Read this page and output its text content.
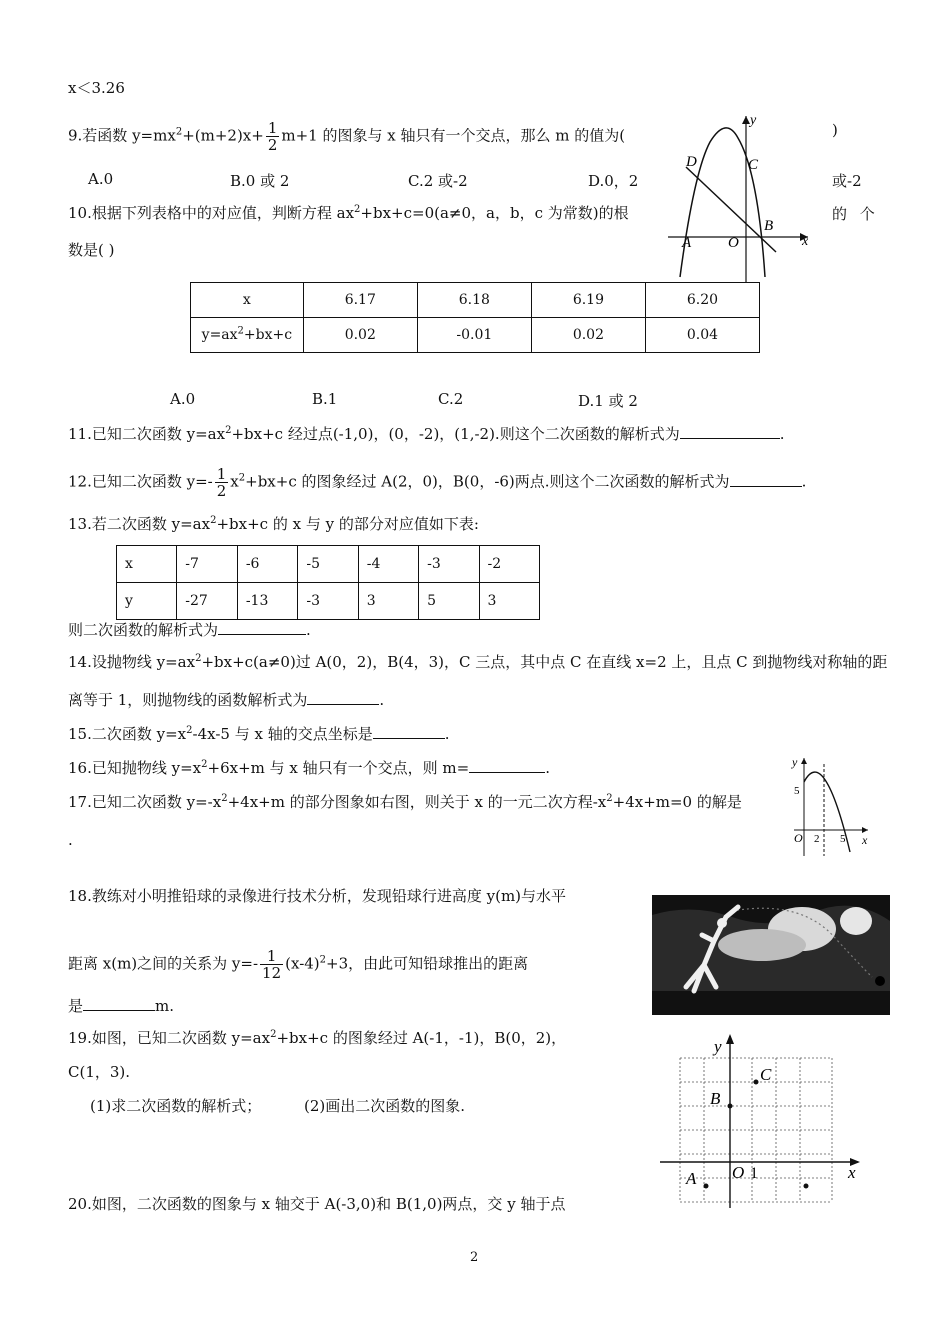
x＜3.26
9.若函数 $y=mx^2+(m+2)x+ \frac{1}{2} m+1$ 的图象与 x 轴只有一个交点，那么 m 的值为(	)
A.0	B.0 或 2	C.2 或-2	D.0，2	或-2
10.根据下列表格中的对应值，判断方程 $ax^2+bx+c=0(a\ne 0$，a，b，c 为常数)的根	的 个
数是( )
y
x
D	C
B
A O
x	6.17	6.18	6.19	6.20
$y=ax^2+bx+c$	0.02	-0.01	0.02	0.04
A.0	B.1	C.2	D.1 或 2
11.已知二次函数 $y=ax^2+bx+c$ 经过点(-1,0)，(0，-2)，(1,-2).则这个二次函数的解析式为	.
12.已知二次函数 $y=- \frac{1}{2} x^2+bx+c$ 的图象经过 A(2，0)，B(0，-6)两点.则这个二次函数的解析式为	.
13.若二次函数 $y=ax^2+bx+c$ 的 x 与 y 的部分对应值如下表:
x	-7	-6	-5	-4	-3	-2
y	-27	-13	-3	3	5	3
则二次函数的解析式为	.
14.设抛物线 $y=ax^2+bx+c(a\ne 0)$过 A(0，2)，B(4，3)，C 三点，其中点 C 在直线 x=2 上，且点 C 到抛物线对称轴的距
离等于 1，则抛物线的函数解析式为	.
15.二次函数 $y=x^2-4x-5$ 与 x 轴的交点坐标是	.
16.已知抛物线 $y=x^2+6x+m$ 与 x 轴只有一个交点，则 m=	.
17.已知二次函数 $y=-x^2+4x+m$ 的部分图象如右图，则关于 x 的一元二次方程$-x^2+4x+m=0$ 的解是
.
y
x
5
O 2 5
18.教练对小明推铅球的录像进行技术分析，发现铅球行进高度 y(m)与水平
距离 x(m)之间的关系为 $y=- \frac{1}{12} (x-4)^2+3$，由此可知铅球推出的距离
是	m.
19.如图，已知二次函数 $y=ax^2+bx+c$ 的图象经过 A(-1，-1)，B(0，2)，
C(1，3).
(1)求二次函数的解析式；	(2)画出二次函数的图象.
y
x
C
B
A O 1
20.如图，二次函数的图象与 x 轴交于 A(-3,0)和 B(1,0)两点，交 y 轴于点
2
